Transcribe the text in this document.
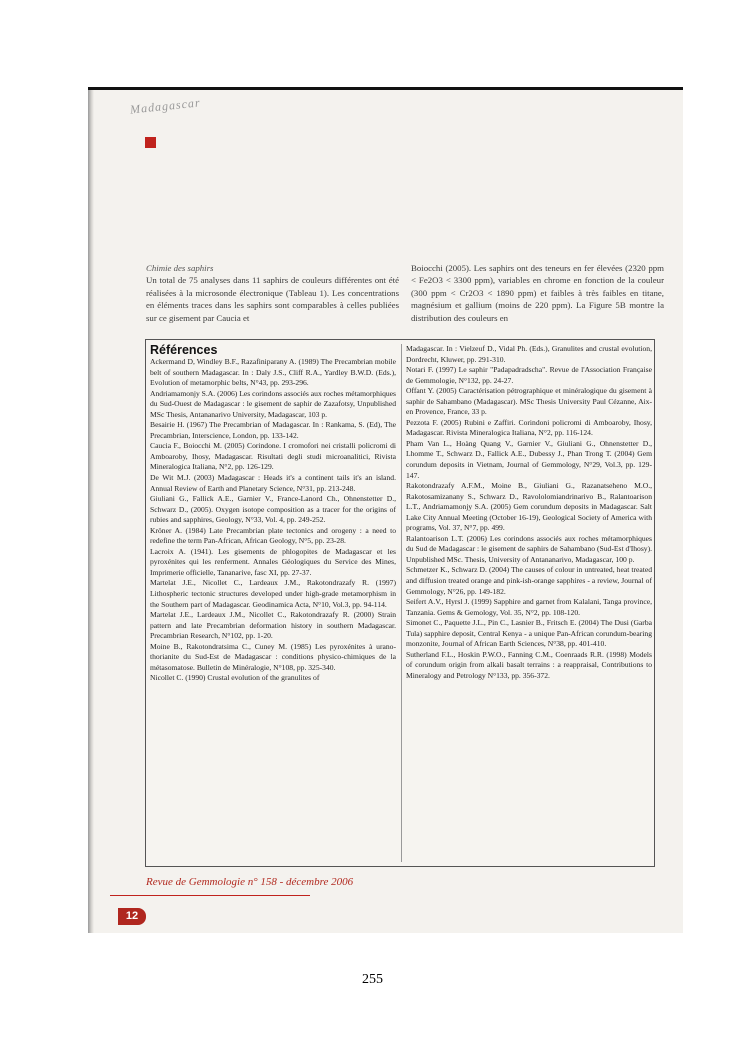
Madagascar
Chimie des saphirs
Un total de 75 analyses dans 11 saphirs de couleurs différentes ont été réalisées à la microsonde électronique (Tableau 1). Les concentrations en éléments traces dans les saphirs sont comparables à celles publiées sur ce gisement par Caucia et
Boiocchi (2005). Les saphirs ont des teneurs en fer élevées (2320 ppm < Fe2O3 < 3300 ppm), variables en chrome en fonction de la couleur (300 ppm < Cr2O3 < 1890 ppm) et faibles à très faibles en titane, magnésium et gallium (moins de 220 ppm). La Figure 5B montre la distribution des couleurs en
Références

Ackermand D, Windley B.F., Razafiniparany A. (1989) The Precambrian mobile belt of southern Madagascar. In : Daly J.S., Cliff R.A., Yardley B.W.D. (Eds.), Evolution of metamorphic belts, N°43, pp. 293-296.

Andriamamonjy S.A. (2006) Les corindons associés aux roches métamorphiques du Sud-Ouest de Madagascar : le gisement de saphir de Zazafotsy, Unpublished MSc Thesis, Antananarivo University, Madagascar, 103 p.

Besairie H. (1967) The Precambrian of Madagascar. In : Rankama, S. (Ed), The Precambrian, Interscience, London, pp. 133-142.

Caucia F., Boiocchi M. (2005) Corindone. I cromofori nei cristalli policromi di Amboaroby, Ihosy, Madagascar. Risultati degli studi microanalitici, Rivista Mineralogica Italiana, N°2, pp. 126-129.

De Wit M.J. (2003) Madagascar : Heads it's a continent tails it's an island. Annual Review of Earth and Planetary Science, N°31, pp. 213-248.

Giuliani G., Fallick A.E., Garnier V., France-Lanord Ch., Ohnenstetter D., Schwarz D., (2005). Oxygen isotope composition as a tracer for the origins of rubies and sapphires, Geology, N°33, Vol. 4, pp. 249-252.

Kröner A. (1984) Late Precambrian plate tectonics and orogeny : a need to redefine the term Pan-African, African Geology, N°5, pp. 23-28.

Lacroix A. (1941). Les gisements de phlogopites de Madagascar et les pyroxénites qui les renferment. Annales Géologiques du Service des Mines, Imprimerie officielle, Tananarive, fasc XI, pp. 27-37.

Martelat J.E., Nicollet C., Lardeaux J.M., Rakotondrazafy R. (1997) Lithospheric tectonic structures developed under high-grade metamorphism in the Southern part of Madagascar. Geodinamica Acta, N°10, Vol.3, pp. 94-114.

Martelat J.E., Lardeaux J.M., Nicollet C., Rakotondrazafy R. (2000) Strain pattern and late Precambrian deformation history in southern Madagascar. Precambrian Research, N°102, pp. 1-20.

Moine B., Rakotondratsima C., Cuney M. (1985) Les pyroxénites à urano-thorianite du Sud-Est de Madagascar : conditions physico-chimiques de la métasomatose. Bulletin de Minéralogie, N°108, pp. 325-340.

Nicollet C. (1990) Crustal evolution of the granulites of

Madagascar. In : Vielzeuf D., Vidal Ph. (Eds.), Granulites and crustal evolution, Dordrecht, Kluwer, pp. 291-310.

Notari F. (1997) Le saphir "Padapadradscha". Revue de l'Association Française de Gemmologie, N°132, pp. 24-27.

Offant Y. (2005) Caractérisation pétrographique et minéralogique du gisement à saphir de Sahambano (Madagascar). MSc Thesis University Paul Cézanne, Aix-en Provence, France, 33 p.

Pezzota F. (2005) Rubini e Zaffiri. Corindoni policromi di Amboaroby, Ihosy, Madagascar. Rivista Mineralogica Italiana, N°2, pp. 116-124.

Pham Van L., Hoàng Quang V., Garnier V., Giuliani G., Ohnenstetter D., Lhomme T., Schwarz D., Fallick A.E., Dubessy J., Phan Trong T. (2004) Gem corundum deposits in Vietnam, Journal of Gemmology, N°29, Vol.3, pp. 129-147.

Rakotondrazafy A.F.M., Moine B., Giuliani G., Razanatseheno M.O., Rakotosamizanany S., Schwarz D., Ravololomiandrinarivo B., Ralantoarison L.T., Andriamamonjy S.A. (2005) Gem corundum deposits in Madagascar. Salt Lake City Annual Meeting (October 16-19), Geological Society of America with programs, Vol. 37, N°7, pp. 499.

Ralantoarison L.T. (2006) Les corindons associés aux roches métamorphiques du Sud de Madagascar : le gisement de saphirs de Sahambano (Sud-Est d'Ihosy). Unpublished MSc. Thesis, University of Antananarivo, Madagascar, 100 p.

Schmetzer K., Schwarz D. (2004) The causes of colour in untreated, heat treated and diffusion treated orange and pink-ish-orange sapphires - a review, Journal of Gemmology, N°26, pp. 149-182.

Seifert A.V., Hyrsl J. (1999) Sapphire and garnet from Kalalani, Tanga province, Tanzania. Gems & Gemology, Vol. 35, N°2, pp. 108-120.

Simonet C., Paquette J.L., Pin C., Lasnier B., Fritsch E. (2004) The Dusi (Garba Tula) sapphire deposit, Central Kenya - a unique Pan-African corundum-bearing monzonite, Journal of African Earth Sciences, N°38, pp. 401-410.

Sutherland F.L., Hoskin P.W.O., Fanning C.M., Coenraads R.R. (1998) Models of corundum origin from alkali basalt terrains : a reappraisal, Contributions to Mineralogy and Petrology N°133, pp. 356-372.

Revue de Gemmologie n° 158 - décembre 2006
12
255
